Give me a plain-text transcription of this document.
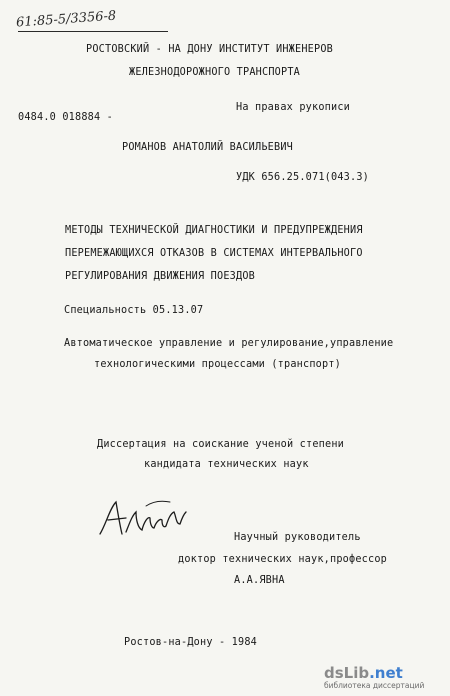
61:85-5/3356-8
РОСТОВСКИЙ - НА ДОНУ ИНСТИТУТ ИНЖЕНЕРОВ
ЖЕЛЕЗНОДОРОЖНОГО ТРАНСПОРТА
На правах рукописи
0484.0 018884 -
РОМАНОВ АНАТОЛИЙ ВАСИЛЬЕВИЧ
УДК 656.25.071(043.3)
МЕТОДЫ ТЕХНИЧЕСКОЙ ДИАГНОСТИКИ И ПРЕДУПРЕЖДЕНИЯ
ПЕРЕМЕЖАЮЩИХСЯ ОТКАЗОВ В СИСТЕМАХ ИНТЕРВАЛЬНОГО
РЕГУЛИРОВАНИЯ ДВИЖЕНИЯ ПОЕЗДОВ
Специальность 05.13.07
Автоматическое управление и регулирование,управление
технологическими процессами (транспорт)
Диссертация на соискание ученой степени
кандидата технических наук
Научный руководитель
доктор технических наук,профессор
А.А.ЯВНА
Ростов-на-Дону - 1984
dsLib.net
библиотека диссертаций
